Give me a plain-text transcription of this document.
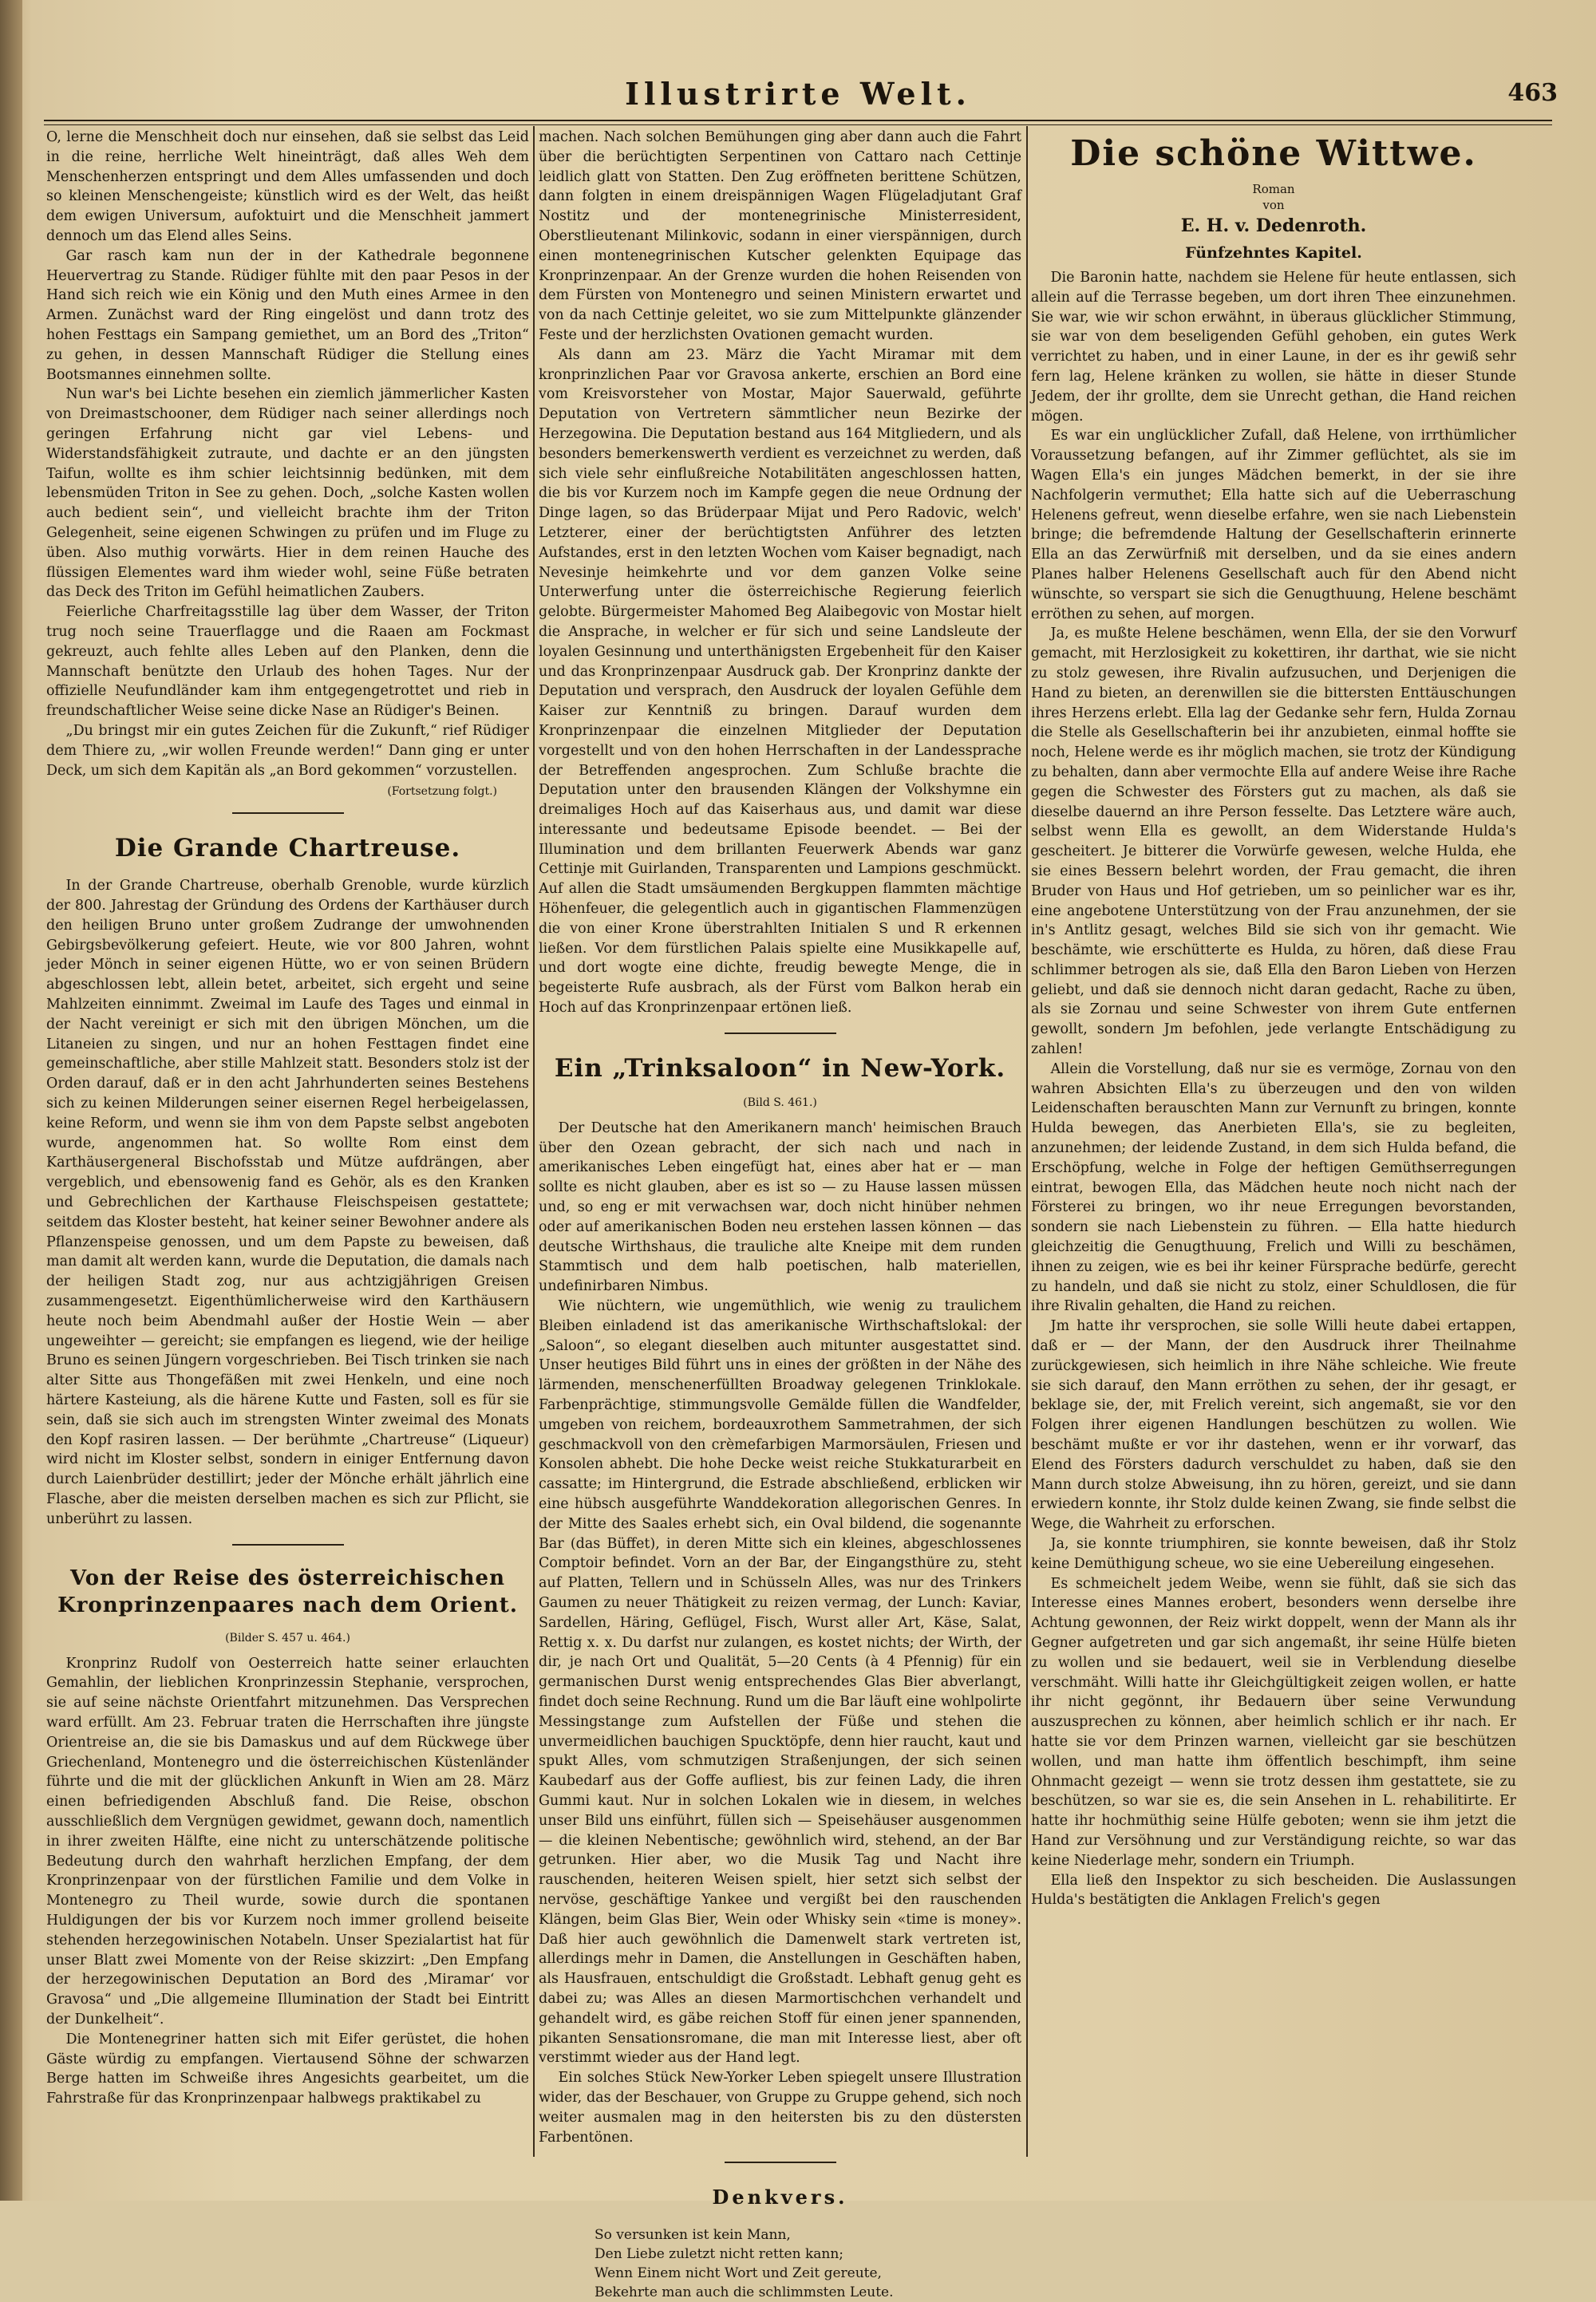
Illustrirte Welt.	463

O, lerne die Menschheit doch nur einsehen, daß sie selbst das Leid in die reine, herrliche Welt hineinträgt, daß alles Weh dem Menschenherzen entspringt und dem Alles umfassenden und doch so kleinen Menschengeiste; künstlich wird es der Welt, das heißt dem ewigen Universum, aufoktuirt und die Menschheit jammert dennoch um das Elend alles Seins.

Gar rasch kam nun der in der Kathedrale begonnene Heuervertrag zu Stande. Rüdiger fühlte mit den paar Pesos in der Hand sich reich wie ein König und den Muth eines Armee in den Armen. Zunächst ward der Ring eingelöst und dann trotz des hohen Festtags ein Sampang gemiethet, um an Bord des „Triton“ zu gehen, in dessen Mannschaft Rüdiger die Stellung eines Bootsmannes einnehmen sollte.

Nun war's bei Lichte besehen ein ziemlich jämmerlicher Kasten von Dreimastschooner, dem Rüdiger nach seiner allerdings noch geringen Erfahrung nicht gar viel Lebens- und Widerstandsfähigkeit zutraute, und dachte er an den jüngsten Taifun, wollte es ihm schier leichtsinnig bedünken, mit dem lebensmüden Triton in See zu gehen. Doch, „solche Kasten wollen auch bedient sein“, und vielleicht brachte ihm der Triton Gelegenheit, seine eigenen Schwingen zu prüfen und im Fluge zu üben. Also muthig vorwärts. Hier in dem reinen Hauche des flüssigen Elementes ward ihm wieder wohl, seine Füße betraten das Deck des Triton im Gefühl heimatlichen Zaubers.

Feierliche Charfreitagsstille lag über dem Wasser, der Triton trug noch seine Trauerflagge und die Raaen am Fockmast gekreuzt, auch fehlte alles Leben auf den Planken, denn die Mannschaft benützte den Urlaub des hohen Tages. Nur der offizielle Neufundländer kam ihm entgegengetrottet und rieb in freundschaftlicher Weise seine dicke Nase an Rüdiger's Beinen.

„Du bringst mir ein gutes Zeichen für die Zukunft,“ rief Rüdiger dem Thiere zu, „wir wollen Freunde werden!“ Dann ging er unter Deck, um sich dem Kapitän als „an Bord gekommen“ vorzustellen.

(Fortsetzung folgt.)
Die Grande Chartreuse.

In der Grande Chartreuse, oberhalb Grenoble, wurde kürzlich der 800. Jahrestag der Gründung des Ordens der Karthäuser durch den heiligen Bruno unter großem Zudrange der umwohnenden Gebirgsbevölkerung gefeiert. Heute, wie vor 800 Jahren, wohnt jeder Mönch in seiner eigenen Hütte, wo er von seinen Brüdern abgeschlossen lebt, allein betet, arbeitet, sich ergeht und seine Mahlzeiten einnimmt. Zweimal im Laufe des Tages und einmal in der Nacht vereinigt er sich mit den übrigen Mönchen, um die Litaneien zu singen, und nur an hohen Festtagen findet eine gemeinschaftliche, aber stille Mahlzeit statt. Besonders stolz ist der Orden darauf, daß er in den acht Jahrhunderten seines Bestehens sich zu keinen Milderungen seiner eisernen Regel herbeigelassen, keine Reform, und wenn sie ihm von dem Papste selbst angeboten wurde, angenommen hat. So wollte Rom einst dem Karthäusergeneral Bischofsstab und Mütze aufdrängen, aber vergeblich, und ebensowenig fand es Gehör, als es den Kranken und Gebrechlichen der Karthause Fleischspeisen gestattete; seitdem das Kloster besteht, hat keiner seiner Bewohner andere als Pflanzenspeise genossen, und um dem Papste zu beweisen, daß man damit alt werden kann, wurde die Deputation, die damals nach der heiligen Stadt zog, nur aus achtzigjährigen Greisen zusammengesetzt. Eigenthümlicherweise wird den Karthäusern heute noch beim Abendmahl außer der Hostie Wein — aber ungeweihter — gereicht; sie empfangen es liegend, wie der heilige Bruno es seinen Jüngern vorgeschrieben. Bei Tisch trinken sie nach alter Sitte aus Thongefäßen mit zwei Henkeln, und eine noch härtere Kasteiung, als die härene Kutte und Fasten, soll es für sie sein, daß sie sich auch im strengsten Winter zweimal des Monats den Kopf rasiren lassen. — Der berühmte „Chartreuse“ (Liqueur) wird nicht im Kloster selbst, sondern in einiger Entfernung davon durch Laienbrüder destillirt; jeder der Mönche erhält jährlich eine Flasche, aber die meisten derselben machen es sich zur Pflicht, sie unberührt zu lassen.

Von der Reise des österreichischen Kronprinzenpaares nach dem Orient.
(Bilder S. 457 u. 464.)

Kronprinz Rudolf von Oesterreich hatte seiner erlauchten Gemahlin, der lieblichen Kronprinzessin Stephanie, versprochen, sie auf seine nächste Orientfahrt mitzunehmen. Das Versprechen ward erfüllt. Am 23. Februar traten die Herrschaften ihre jüngste Orientreise an, die sie bis Damaskus und auf dem Rückwege über Griechenland, Montenegro und die österreichischen Küstenländer führte und die mit der glücklichen Ankunft in Wien am 28. März einen befriedigenden Abschluß fand. Die Reise, obschon ausschließlich dem Vergnügen gewidmet, gewann doch, namentlich in ihrer zweiten Hälfte, eine nicht zu unterschätzende politische Bedeutung durch den wahrhaft herzlichen Empfang, der dem Kronprinzenpaar von der fürstlichen Familie und dem Volke in Montenegro zu Theil wurde, sowie durch die spontanen Huldigungen der bis vor Kurzem noch immer grollend beiseite stehenden herzegowinischen Notabeln. Unser Spezialartist hat für unser Blatt zwei Momente von der Reise skizzirt: „Den Empfang der herzegowinischen Deputation an Bord des ‚Miramar‘ vor Gravosa“ und „Die allgemeine Illumination der Stadt bei Eintritt der Dunkelheit“.

Die Montenegriner hatten sich mit Eifer gerüstet, die hohen Gäste würdig zu empfangen. Viertausend Söhne der schwarzen Berge hatten im Schweiße ihres Angesichts gearbeitet, um die Fahrstraße für das Kronprinzenpaar halbwegs praktikabel zu

machen. Nach solchen Bemühungen ging aber dann auch die Fahrt über die berüchtigten Serpentinen von Cattaro nach Cettinje leidlich glatt von Statten. Den Zug eröffneten berittene Schützen, dann folgten in einem dreispännigen Wagen Flügeladjutant Graf Nostitz und der montenegrinische Ministerresident, Oberstlieutenant Milinkovic, sodann in einer vierspännigen, durch einen montenegrinischen Kutscher gelenkten Equipage das Kronprinzenpaar. An der Grenze wurden die hohen Reisenden von dem Fürsten von Montenegro und seinen Ministern erwartet und von da nach Cettinje geleitet, wo sie zum Mittelpunkte glänzender Feste und der herzlichsten Ovationen gemacht wurden.

Als dann am 23. März die Yacht Miramar mit dem kronprinzlichen Paar vor Gravosa ankerte, erschien an Bord eine vom Kreisvorsteher von Mostar, Major Sauerwald, geführte Deputation von Vertretern sämmtlicher neun Bezirke der Herzegowina. Die Deputation bestand aus 164 Mitgliedern, und als besonders bemerkenswerth verdient es verzeichnet zu werden, daß sich viele sehr einflußreiche Notabilitäten angeschlossen hatten, die bis vor Kurzem noch im Kampfe gegen die neue Ordnung der Dinge lagen, so das Brüderpaar Mijat und Pero Radovic, welch' Letzterer, einer der berüchtigtsten Anführer des letzten Aufstandes, erst in den letzten Wochen vom Kaiser begnadigt, nach Nevesinje heimkehrte und vor dem ganzen Volke seine Unterwerfung unter die österreichische Regierung feierlich gelobte. Bürgermeister Mahomed Beg Alaibegovic von Mostar hielt die Ansprache, in welcher er für sich und seine Landsleute der loyalen Gesinnung und unterthänigsten Ergebenheit für den Kaiser und das Kronprinzenpaar Ausdruck gab. Der Kronprinz dankte der Deputation und versprach, den Ausdruck der loyalen Gefühle dem Kaiser zur Kenntniß zu bringen. Darauf wurden dem Kronprinzenpaar die einzelnen Mitglieder der Deputation vorgestellt und von den hohen Herrschaften in der Landessprache der Betreffenden angesprochen. Zum Schluße brachte die Deputation unter den brausenden Klängen der Volkshymne ein dreimaliges Hoch auf das Kaiserhaus aus, und damit war diese interessante und bedeutsame Episode beendet. — Bei der Illumination und dem brillanten Feuerwerk Abends war ganz Cettinje mit Guirlanden, Transparenten und Lampions geschmückt. Auf allen die Stadt umsäumenden Bergkuppen flammten mächtige Höhenfeuer, die gelegentlich auch in gigantischen Flammenzügen die von einer Krone überstrahlten Initialen S und R erkennen ließen. Vor dem fürstlichen Palais spielte eine Musikkapelle auf, und dort wogte eine dichte, freudig bewegte Menge, die in begeisterte Rufe ausbrach, als der Fürst vom Balkon herab ein Hoch auf das Kronprinzenpaar ertönen ließ.

Ein „Trinksaloon“ in New-York.
(Bild S. 461.)

Der Deutsche hat den Amerikanern manch' heimischen Brauch über den Ozean gebracht, der sich nach und nach in amerikanisches Leben eingefügt hat, eines aber hat er — man sollte es nicht glauben, aber es ist so — zu Hause lassen müssen und, so eng er mit verwachsen war, doch nicht hinüber nehmen oder auf amerikanischen Boden neu erstehen lassen können — das deutsche Wirthshaus, die trauliche alte Kneipe mit dem runden Stammtisch und dem halb poetischen, halb materiellen, undefinirbaren Nimbus.

Wie nüchtern, wie ungemüthlich, wie wenig zu traulichem Bleiben einladend ist das amerikanische Wirthschaftslokal: der „Saloon“, so elegant dieselben auch mitunter ausgestattet sind. Unser heutiges Bild führt uns in eines der größten in der Nähe des lärmenden, menschenerfüllten Broadway gelegenen Trinklokale. Farbenprächtige, stimmungsvolle Gemälde füllen die Wandfelder, umgeben von reichem, bordeauxrothem Sammetrahmen, der sich geschmackvoll von den crèmefarbigen Marmorsäulen, Friesen und Konsolen abhebt. Die hohe Decke weist reiche Stukkaturarbeit en cassatte; im Hintergrund, die Estrade abschließend, erblicken wir eine hübsch ausgeführte Wanddekoration allegorischen Genres. In der Mitte des Saales erhebt sich, ein Oval bildend, die sogenannte Bar (das Büffet), in deren Mitte sich ein kleines, abgeschlossenes Comptoir befindet. Vorn an der Bar, der Eingangsthüre zu, steht auf Platten, Tellern und in Schüsseln Alles, was nur des Trinkers Gaumen zu neuer Thätigkeit zu reizen vermag, der Lunch: Kaviar, Sardellen, Häring, Geflügel, Fisch, Wurst aller Art, Käse, Salat, Rettig x. x. Du darfst nur zulangen, es kostet nichts; der Wirth, der dir, je nach Ort und Qualität, 5—20 Cents (à 4 Pfennig) für ein germanischen Durst wenig entsprechendes Glas Bier abverlangt, findet doch seine Rechnung. Rund um die Bar läuft eine wohlpolirte Messingstange zum Aufstellen der Füße und stehen die unvermeidlichen bauchigen Spucktöpfe, denn hier raucht, kaut und spukt Alles, vom schmutzigen Straßenjungen, der sich seinen Kaubedarf aus der Goffe aufliest, bis zur feinen Lady, die ihren Gummi kaut. Nur in solchen Lokalen wie in diesem, in welches unser Bild uns einführt, füllen sich — Speisehäuser ausgenommen — die kleinen Nebentische; gewöhnlich wird, stehend, an der Bar getrunken. Hier aber, wo die Musik Tag und Nacht ihre rauschenden, heiteren Weisen spielt, hier setzt sich selbst der nervöse, geschäftige Yankee und vergißt bei den rauschenden Klängen, beim Glas Bier, Wein oder Whisky sein «time is money». Daß hier auch gewöhnlich die Damenwelt stark vertreten ist, allerdings mehr in Damen, die Anstellungen in Geschäften haben, als Hausfrauen, entschuldigt die Großstadt. Lebhaft genug geht es dabei zu; was Alles an diesen Marmortischchen verhandelt und gehandelt wird, es gäbe reichen Stoff für einen jener spannenden, pikanten Sensationsromane, die man mit Interesse liest, aber oft verstimmt wieder aus der Hand legt.

Ein solches Stück New-Yorker Leben spiegelt unsere Illustration wider, das der Beschauer, von Gruppe zu Gruppe gehend, sich noch weiter ausmalen mag in den heitersten bis zu den düstersten Farbentönen.

Denkvers.
So versunken ist kein Mann,
Den Liebe zuletzt nicht retten kann;
Wenn Einem nicht Wort und Zeit gereute,
Bekehrte man auch die schlimmsten Leute.
Die schöne Wittwe.
Roman
von
E. H. v. Dedenroth.
Fünfzehntes Kapitel.

Die Baronin hatte, nachdem sie Helene für heute entlassen, sich allein auf die Terrasse begeben, um dort ihren Thee einzunehmen. Sie war, wie wir schon erwähnt, in überaus glücklicher Stimmung, sie war von dem beseligenden Gefühl gehoben, ein gutes Werk verrichtet zu haben, und in einer Laune, in der es ihr gewiß sehr fern lag, Helene kränken zu wollen, sie hätte in dieser Stunde Jedem, der ihr grollte, dem sie Unrecht gethan, die Hand reichen mögen.

Es war ein unglücklicher Zufall, daß Helene, von irrthümlicher Voraussetzung befangen, auf ihr Zimmer geflüchtet, als sie im Wagen Ella's ein junges Mädchen bemerkt, in der sie ihre Nachfolgerin vermuthet; Ella hatte sich auf die Ueberraschung Helenens gefreut, wenn dieselbe erfahre, wen sie nach Liebenstein bringe; die befremdende Haltung der Gesellschafterin erinnerte Ella an das Zerwürfniß mit derselben, und da sie eines andern Planes halber Helenens Gesellschaft auch für den Abend nicht wünschte, so verspart sie sich die Genugthuung, Helene beschämt erröthen zu sehen, auf morgen.

Ja, es mußte Helene beschämen, wenn Ella, der sie den Vorwurf gemacht, mit Herzlosigkeit zu kokettiren, ihr darthat, wie sie nicht zu stolz gewesen, ihre Rivalin aufzusuchen, und Derjenigen die Hand zu bieten, an derenwillen sie die bittersten Enttäuschungen ihres Herzens erlebt. Ella lag der Gedanke sehr fern, Hulda Zornau die Stelle als Gesellschafterin bei ihr anzubieten, einmal hoffte sie noch, Helene werde es ihr möglich machen, sie trotz der Kündigung zu behalten, dann aber vermochte Ella auf andere Weise ihre Rache gegen die Schwester des Försters gut zu machen, als daß sie dieselbe dauernd an ihre Person fesselte. Das Letztere wäre auch, selbst wenn Ella es gewollt, an dem Widerstande Hulda's gescheitert. Je bitterer die Vorwürfe gewesen, welche Hulda, ehe sie eines Bessern belehrt worden, der Frau gemacht, die ihren Bruder von Haus und Hof getrieben, um so peinlicher war es ihr, eine angebotene Unterstützung von der Frau anzunehmen, der sie in's Antlitz gesagt, welches Bild sie sich von ihr gemacht. Wie beschämte, wie erschütterte es Hulda, zu hören, daß diese Frau schlimmer betrogen als sie, daß Ella den Baron Lieben von Herzen geliebt, und daß sie dennoch nicht daran gedacht, Rache zu üben, als sie Zornau und seine Schwester von ihrem Gute entfernen gewollt, sondern Jm befohlen, jede verlangte Entschädigung zu zahlen!

Allein die Vorstellung, daß nur sie es vermöge, Zornau von den wahren Absichten Ella's zu überzeugen und den von wilden Leidenschaften berauschten Mann zur Vernunft zu bringen, konnte Hulda bewegen, das Anerbieten Ella's, sie zu begleiten, anzunehmen; der leidende Zustand, in dem sich Hulda befand, die Erschöpfung, welche in Folge der heftigen Gemüthserregungen eintrat, bewogen Ella, das Mädchen heute noch nicht nach der Försterei zu bringen, wo ihr neue Erregungen bevorstanden, sondern sie nach Liebenstein zu führen. — Ella hatte hiedurch gleichzeitig die Genugthuung, Frelich und Willi zu beschämen, ihnen zu zeigen, wie es bei ihr keiner Fürsprache bedürfe, gerecht zu handeln, und daß sie nicht zu stolz, einer Schuldlosen, die für ihre Rivalin gehalten, die Hand zu reichen.

Jm hatte ihr versprochen, sie solle Willi heute dabei ertappen, daß er — der Mann, der den Ausdruck ihrer Theilnahme zurückgewiesen, sich heimlich in ihre Nähe schleiche. Wie freute sie sich darauf, den Mann erröthen zu sehen, der ihr gesagt, er beklage sie, der, mit Frelich vereint, sich angemaßt, sie vor den Folgen ihrer eigenen Handlungen beschützen zu wollen. Wie beschämt mußte er vor ihr dastehen, wenn er ihr vorwarf, das Elend des Försters dadurch verschuldet zu haben, daß sie den Mann durch stolze Abweisung, ihn zu hören, gereizt, und sie dann erwiedern konnte, ihr Stolz dulde keinen Zwang, sie finde selbst die Wege, die Wahrheit zu erforschen.

Ja, sie konnte triumphiren, sie konnte beweisen, daß ihr Stolz keine Demüthigung scheue, wo sie eine Uebereilung eingesehen.

Es schmeichelt jedem Weibe, wenn sie fühlt, daß sie sich das Interesse eines Mannes erobert, besonders wenn derselbe ihre Achtung gewonnen, der Reiz wirkt doppelt, wenn der Mann als ihr Gegner aufgetreten und gar sich angemaßt, ihr seine Hülfe bieten zu wollen und sie bedauert, weil sie in Verblendung dieselbe verschmäht. Willi hatte ihr Gleichgültigkeit zeigen wollen, er hatte ihr nicht gegönnt, ihr Bedauern über seine Verwundung auszusprechen zu können, aber heimlich schlich er ihr nach. Er hatte sie vor dem Prinzen warnen, vielleicht gar sie beschützen wollen, und man hatte ihm öffentlich beschimpft, ihm seine Ohnmacht gezeigt — wenn sie trotz dessen ihm gestattete, sie zu beschützen, so war sie es, die sein Ansehen in L. rehabilitirte. Er hatte ihr hochmüthig seine Hülfe geboten; wenn sie ihm jetzt die Hand zur Versöhnung und zur Verständigung reichte, so war das keine Niederlage mehr, sondern ein Triumph.

Ella ließ den Inspektor zu sich bescheiden. Die Auslassungen Hulda's bestätigten die Anklagen Frelich's gegen
